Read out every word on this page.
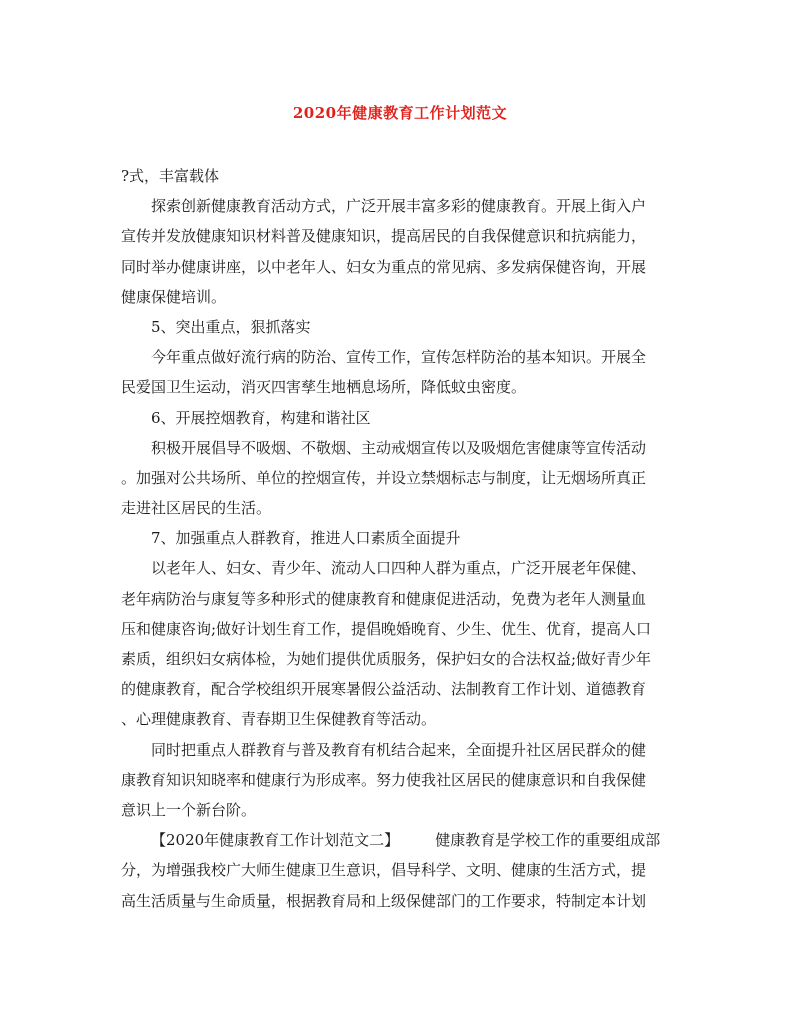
2020年健康教育工作计划范文
?式，丰富载体
探索创新健康教育活动方式，广泛开展丰富多彩的健康教育。开展上街入户
宣传并发放健康知识材料普及健康知识，提高居民的自我保健意识和抗病能力，
同时举办健康讲座，以中老年人、妇女为重点的常见病、多发病保健咨询，开展
健康保健培训。
5、突出重点，狠抓落实
今年重点做好流行病的防治、宣传工作，宣传怎样防治的基本知识。开展全
民爱国卫生运动，消灭四害孳生地栖息场所，降低蚊虫密度。
6、开展控烟教育，构建和谐社区
积极开展倡导不吸烟、不敬烟、主动戒烟宣传以及吸烟危害健康等宣传活动
。加强对公共场所、单位的控烟宣传，并设立禁烟标志与制度，让无烟场所真正
走进社区居民的生活。
7、加强重点人群教育，推进人口素质全面提升
以老年人、妇女、青少年、流动人口四种人群为重点，广泛开展老年保健、
老年病防治与康复等多种形式的健康教育和健康促进活动，免费为老年人测量血
压和健康咨询;做好计划生育工作，提倡晚婚晚育、少生、优生、优育，提高人口
素质，组织妇女病体检，为她们提供优质服务，保护妇女的合法权益;做好青少年
的健康教育，配合学校组织开展寒暑假公益活动、法制教育工作计划、道德教育
、心理健康教育、青春期卫生保健教育等活动。
同时把重点人群教育与普及教育有机结合起来，全面提升社区居民群众的健
康教育知识知晓率和健康行为形成率。努力使我社区居民的健康意识和自我保健
意识上一个新台阶。
【2020年健康教育工作计划范文二】 健康教育是学校工作的重要组成部
分，为增强我校广大师生健康卫生意识，倡导科学、文明、健康的生活方式，提
高生活质量与生命质量，根据教育局和上级保健部门的工作要求，特制定本计划
